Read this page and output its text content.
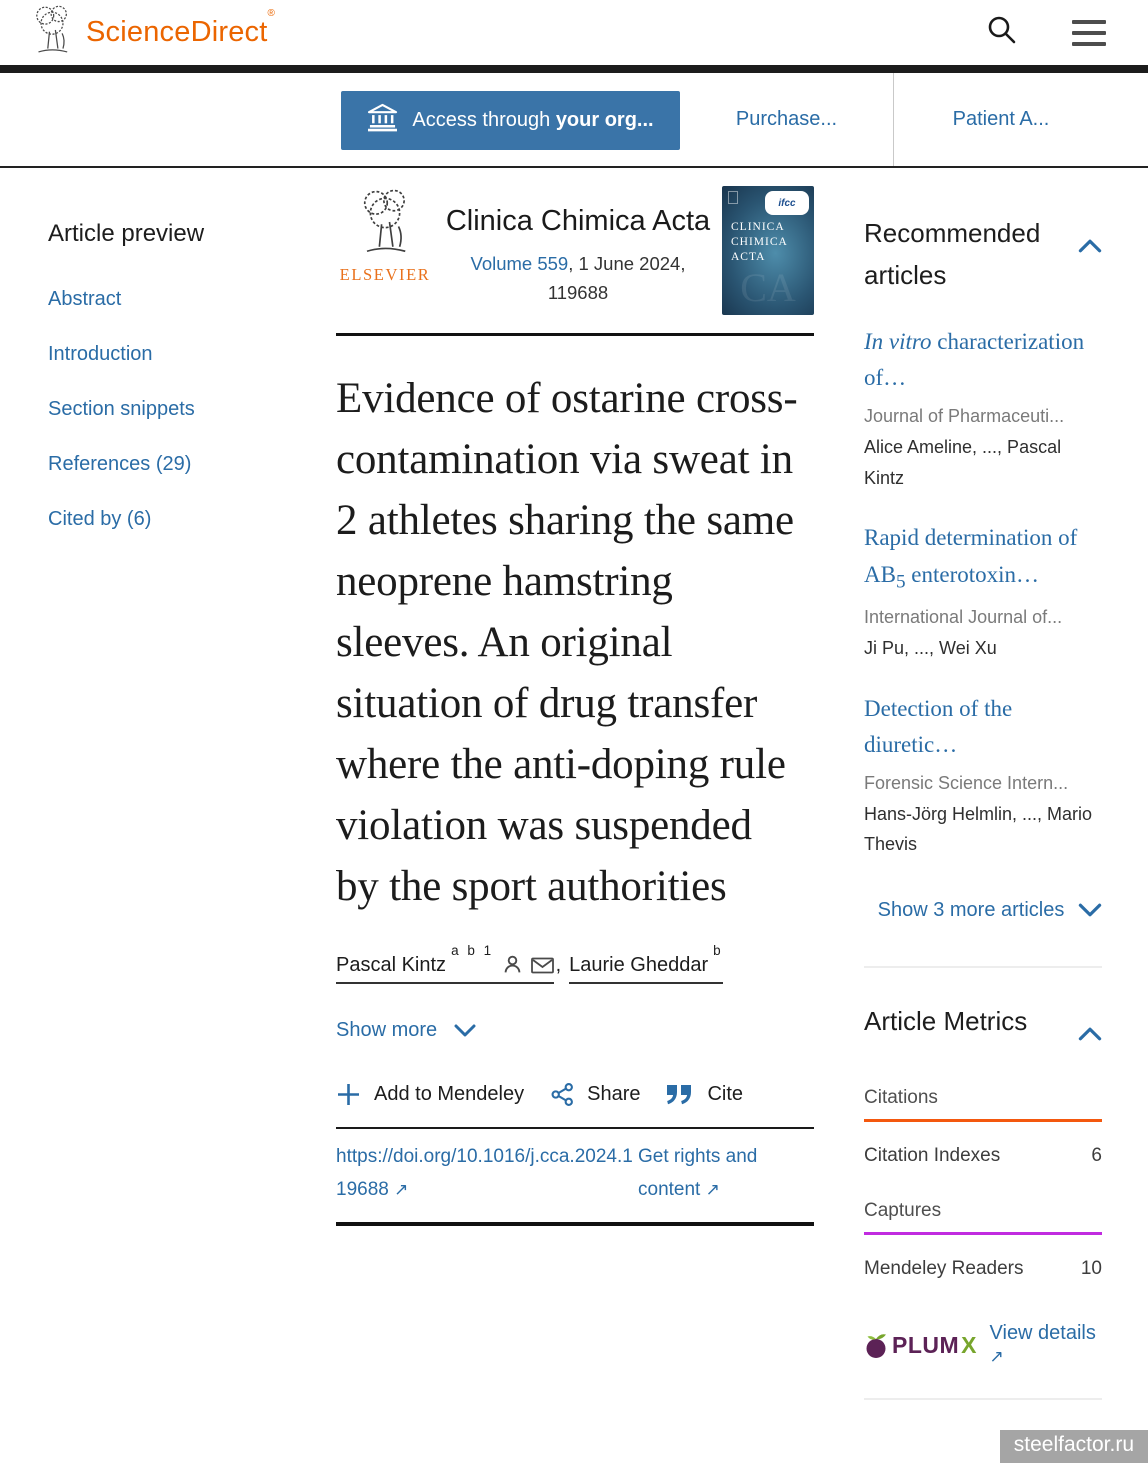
ScienceDirect®
Access through your org...	Purchase...	Patient A...
Article preview
Abstract
Introduction
Section snippets
References (29)
Cited by (6)
ELSEVIER
Clinica Chimica Acta
Volume 559, 1 June 2024, 119688
ifcc
CLINICA
CHIMICA
ACTA
CA
Evidence of ostarine cross-contamination via sweat in 2 athletes sharing the same neoprene hamstring sleeves. An original situation of drug transfer where the anti-doping rule violation was suspended by the sport authorities
Pascal Kintz$^{a b 1}$, Laurie Gheddar$^b$
Show more
Add to Mendeley	Share	Cite
https://doi.org/10.1016/j.cca.2024.119688 ↗
Get rights and content ↗
Recommended articles
In vitro characterization of…
Journal of Pharmaceuti...
Alice Ameline, ..., Pascal Kintz
Rapid determination of $AB_5$ enterotoxin…
International Journal of...
Ji Pu, ..., Wei Xu
Detection of the diuretic…
Forensic Science Intern...
Hans-Jörg Helmlin, ..., Mario Thevis
Show 3 more articles
Article Metrics
Citations
Citation Indexes	6
Captures
Mendeley Readers	10
PLUM X View details ↗
steelfactor.ru
